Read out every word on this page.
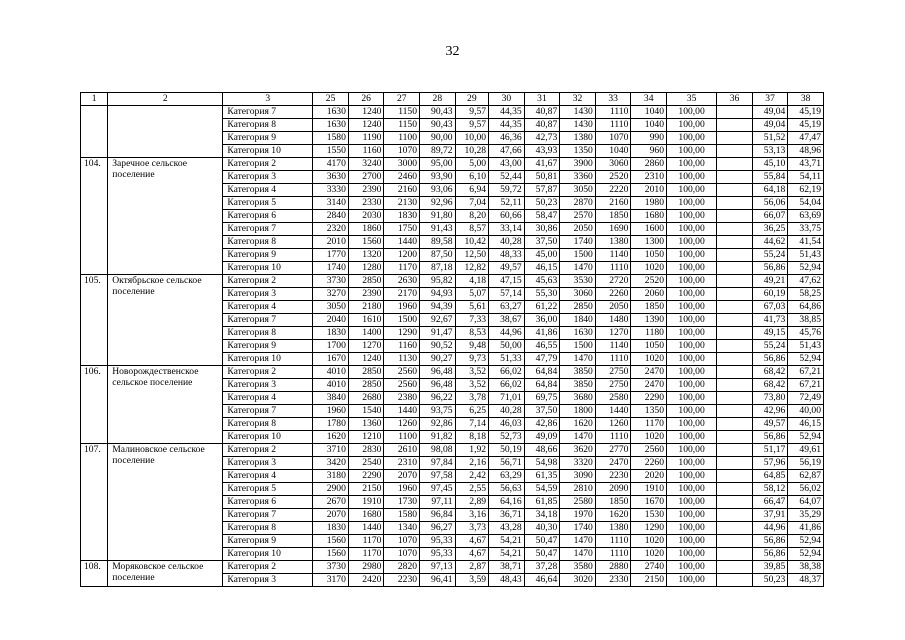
32
1	2	3	25	26	27	28	29	30	31	32	33	34	35	36	37	38
		Категория 7	1630	1240	1150	90,43	9,57	44,35	40,87	1430	1110	1040	100,00		49,04	45,19
		Категория 8	1630	1240	1150	90,43	9,57	44,35	40,87	1430	1110	1040	100,00		49,04	45,19
		Категория 9	1580	1190	1100	90,00	10,00	46,36	42,73	1380	1070	990	100,00		51,52	47,47
		Категория 10	1550	1160	1070	89,72	10,28	47,66	43,93	1350	1040	960	100,00		53,13	48,96
104.	Заречное сельское поселение	Категория 2	4170	3240	3000	95,00	5,00	43,00	41,67	3900	3060	2860	100,00		45,10	43,71
		Категория 3	3630	2700	2460	93,90	6,10	52,44	50,81	3360	2520	2310	100,00		55,84	54,11
		Категория 4	3330	2390	2160	93,06	6,94	59,72	57,87	3050	2220	2010	100,00		64,18	62,19
		Категория 5	3140	2330	2130	92,96	7,04	52,11	50,23	2870	2160	1980	100,00		56,06	54,04
		Категория 6	2840	2030	1830	91,80	8,20	60,66	58,47	2570	1850	1680	100,00		66,07	63,69
		Категория 7	2320	1860	1750	91,43	8,57	33,14	30,86	2050	1690	1600	100,00		36,25	33,75
		Категория 8	2010	1560	1440	89,58	10,42	40,28	37,50	1740	1380	1300	100,00		44,62	41,54
		Категория 9	1770	1320	1200	87,50	12,50	48,33	45,00	1500	1140	1050	100,00		55,24	51,43
		Категория 10	1740	1280	1170	87,18	12,82	49,57	46,15	1470	1110	1020	100,00		56,86	52,94
105.	Октябрьское сельское поселение	Категория 2	3730	2850	2630	95,82	4,18	47,15	45,63	3530	2720	2520	100,00		49,21	47,62
		Категория 3	3270	2390	2170	94,93	5,07	57,14	55,30	3060	2260	2060	100,00		60,19	58,25
		Категория 4	3050	2180	1960	94,39	5,61	63,27	61,22	2850	2050	1850	100,00		67,03	64,86
		Категория 7	2040	1610	1500	92,67	7,33	38,67	36,00	1840	1480	1390	100,00		41,73	38,85
		Категория 8	1830	1400	1290	91,47	8,53	44,96	41,86	1630	1270	1180	100,00		49,15	45,76
		Категория 9	1700	1270	1160	90,52	9,48	50,00	46,55	1500	1140	1050	100,00		55,24	51,43
		Категория 10	1670	1240	1130	90,27	9,73	51,33	47,79	1470	1110	1020	100,00		56,86	52,94
106.	Новорождественское сельское поселение	Категория 2	4010	2850	2560	96,48	3,52	66,02	64,84	3850	2750	2470	100,00		68,42	67,21
		Категория 3	4010	2850	2560	96,48	3,52	66,02	64,84	3850	2750	2470	100,00		68,42	67,21
		Категория 4	3840	2680	2380	96,22	3,78	71,01	69,75	3680	2580	2290	100,00		73,80	72,49
		Категория 7	1960	1540	1440	93,75	6,25	40,28	37,50	1800	1440	1350	100,00		42,96	40,00
		Категория 8	1780	1360	1260	92,86	7,14	46,03	42,86	1620	1260	1170	100,00		49,57	46,15
		Категория 10	1620	1210	1100	91,82	8,18	52,73	49,09	1470	1110	1020	100,00		56,86	52,94
107.	Малиновское сельское поселение	Категория 2	3710	2830	2610	98,08	1,92	50,19	48,66	3620	2770	2560	100,00		51,17	49,61
		Категория 3	3420	2540	2310	97,84	2,16	56,71	54,98	3320	2470	2260	100,00		57,96	56,19
		Категория 4	3180	2290	2070	97,58	2,42	63,29	61,35	3090	2230	2020	100,00		64,85	62,87
		Категория 5	2900	2150	1960	97,45	2,55	56,63	54,59	2810	2090	1910	100,00		58,12	56,02
		Категория 6	2670	1910	1730	97,11	2,89	64,16	61,85	2580	1850	1670	100,00		66,47	64,07
		Категория 7	2070	1680	1580	96,84	3,16	36,71	34,18	1970	1620	1530	100,00		37,91	35,29
		Категория 8	1830	1440	1340	96,27	3,73	43,28	40,30	1740	1380	1290	100,00		44,96	41,86
		Категория 9	1560	1170	1070	95,33	4,67	54,21	50,47	1470	1110	1020	100,00		56,86	52,94
		Категория 10	1560	1170	1070	95,33	4,67	54,21	50,47	1470	1110	1020	100,00		56,86	52,94
108.	Моряковское сельское поселение	Категория 2	3730	2980	2820	97,13	2,87	38,71	37,28	3580	2880	2740	100,00		39,85	38,38
		Категория 3	3170	2420	2230	96,41	3,59	48,43	46,64	3020	2330	2150	100,00		50,23	48,37
